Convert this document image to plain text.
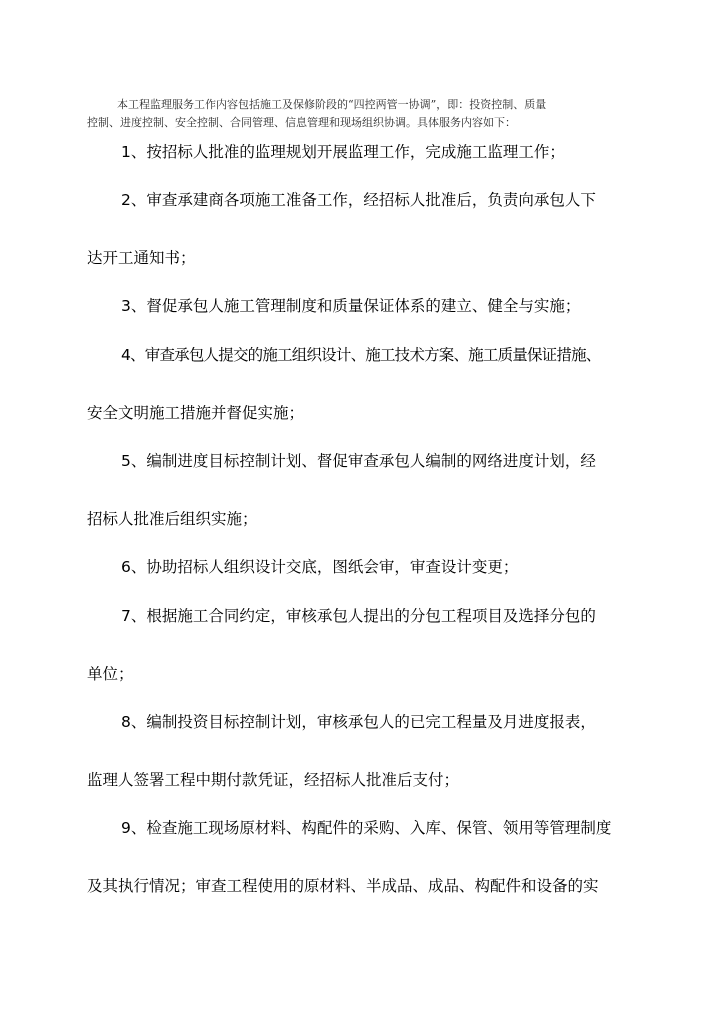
本工程监理服务工作内容包括施工及保修阶段的“四控两管一协调”，即：投资控制、质量
控制、进度控制、安全控制、合同管理、信息管理和现场组织协调。具体服务内容如下：
1、按招标人批准的监理规划开展监理工作，完成施工监理工作；
2、审查承建商各项施工准备工作，经招标人批准后，负责向承包人下
达开工通知书；
3、督促承包人施工管理制度和质量保证体系的建立、健全与实施；
4、审查承包人提交的施工组织设计、施工技术方案、施工质量保证措施、
安全文明施工措施并督促实施；
5、编制进度目标控制计划、督促审查承包人编制的网络进度计划，经
招标人批准后组织实施；
6、协助招标人组织设计交底，图纸会审，审查设计变更；
7、根据施工合同约定，审核承包人提出的分包工程项目及选择分包的
单位；
8、编制投资目标控制计划，审核承包人的已完工程量及月进度报表，
监理人签署工程中期付款凭证，经招标人批准后支付；
9、检查施工现场原材料、构配件的采购、入库、保管、领用等管理制度
及其执行情况；审查工程使用的原材料、半成品、成品、构配件和设备的实
